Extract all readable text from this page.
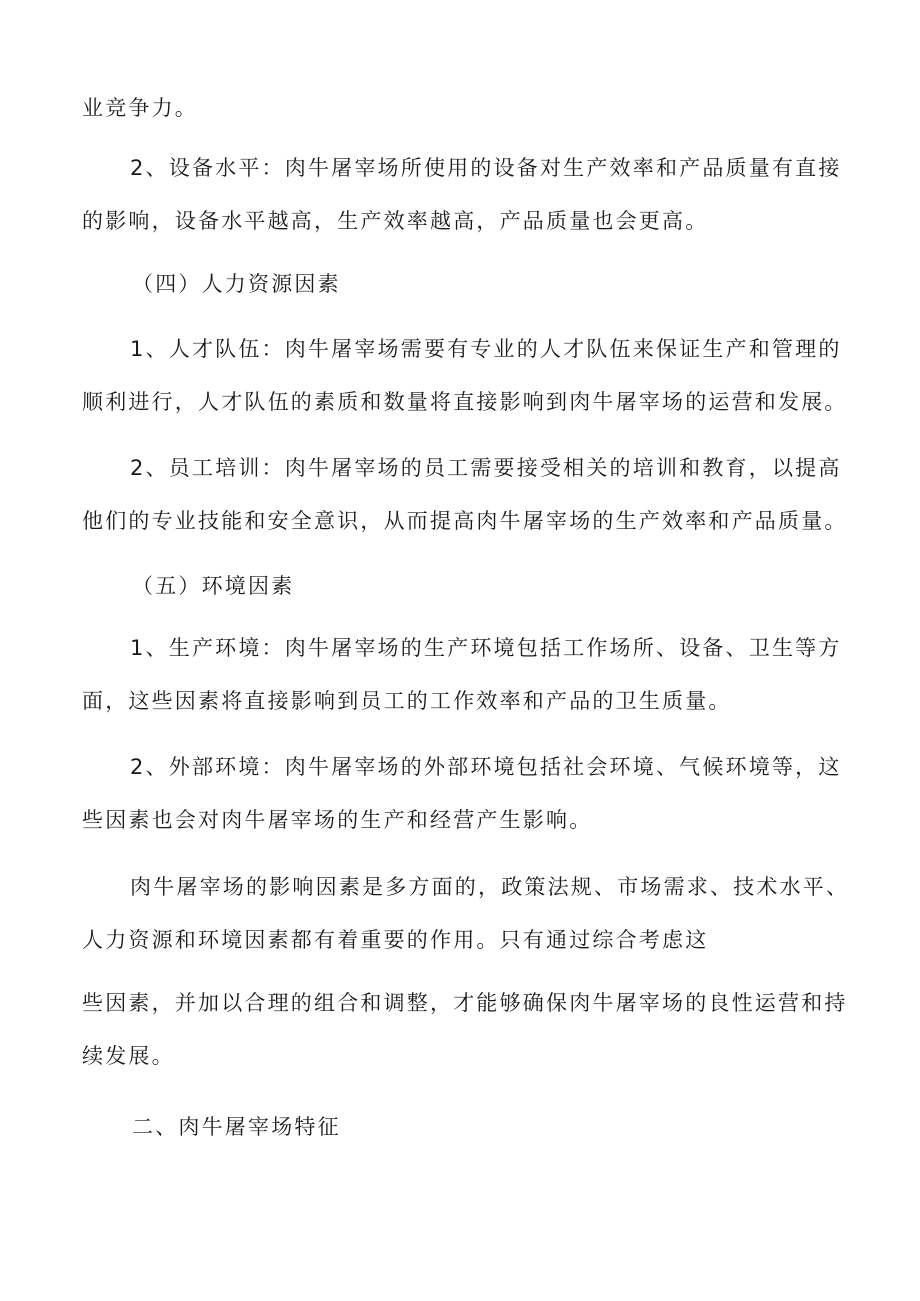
业竞争力。
2、设备水平：肉牛屠宰场所使用的设备对生产效率和产品质量有直接
的影响，设备水平越高，生产效率越高，产品质量也会更高。
（四）人力资源因素
1、人才队伍：肉牛屠宰场需要有专业的人才队伍来保证生产和管理的
顺利进行，人才队伍的素质和数量将直接影响到肉牛屠宰场的运营和发展。
2、员工培训：肉牛屠宰场的员工需要接受相关的培训和教育，以提高
他们的专业技能和安全意识，从而提高肉牛屠宰场的生产效率和产品质量。
（五）环境因素
1、生产环境：肉牛屠宰场的生产环境包括工作场所、设备、卫生等方
面，这些因素将直接影响到员工的工作效率和产品的卫生质量。
2、外部环境：肉牛屠宰场的外部环境包括社会环境、气候环境等，这
些因素也会对肉牛屠宰场的生产和经营产生影响。
肉牛屠宰场的影响因素是多方面的，政策法规、市场需求、技术水平、
人力资源和环境因素都有着重要的作用。只有通过综合考虑这
些因素，并加以合理的组合和调整，才能够确保肉牛屠宰场的良性运营和持
续发展。
二、肉牛屠宰场特征
